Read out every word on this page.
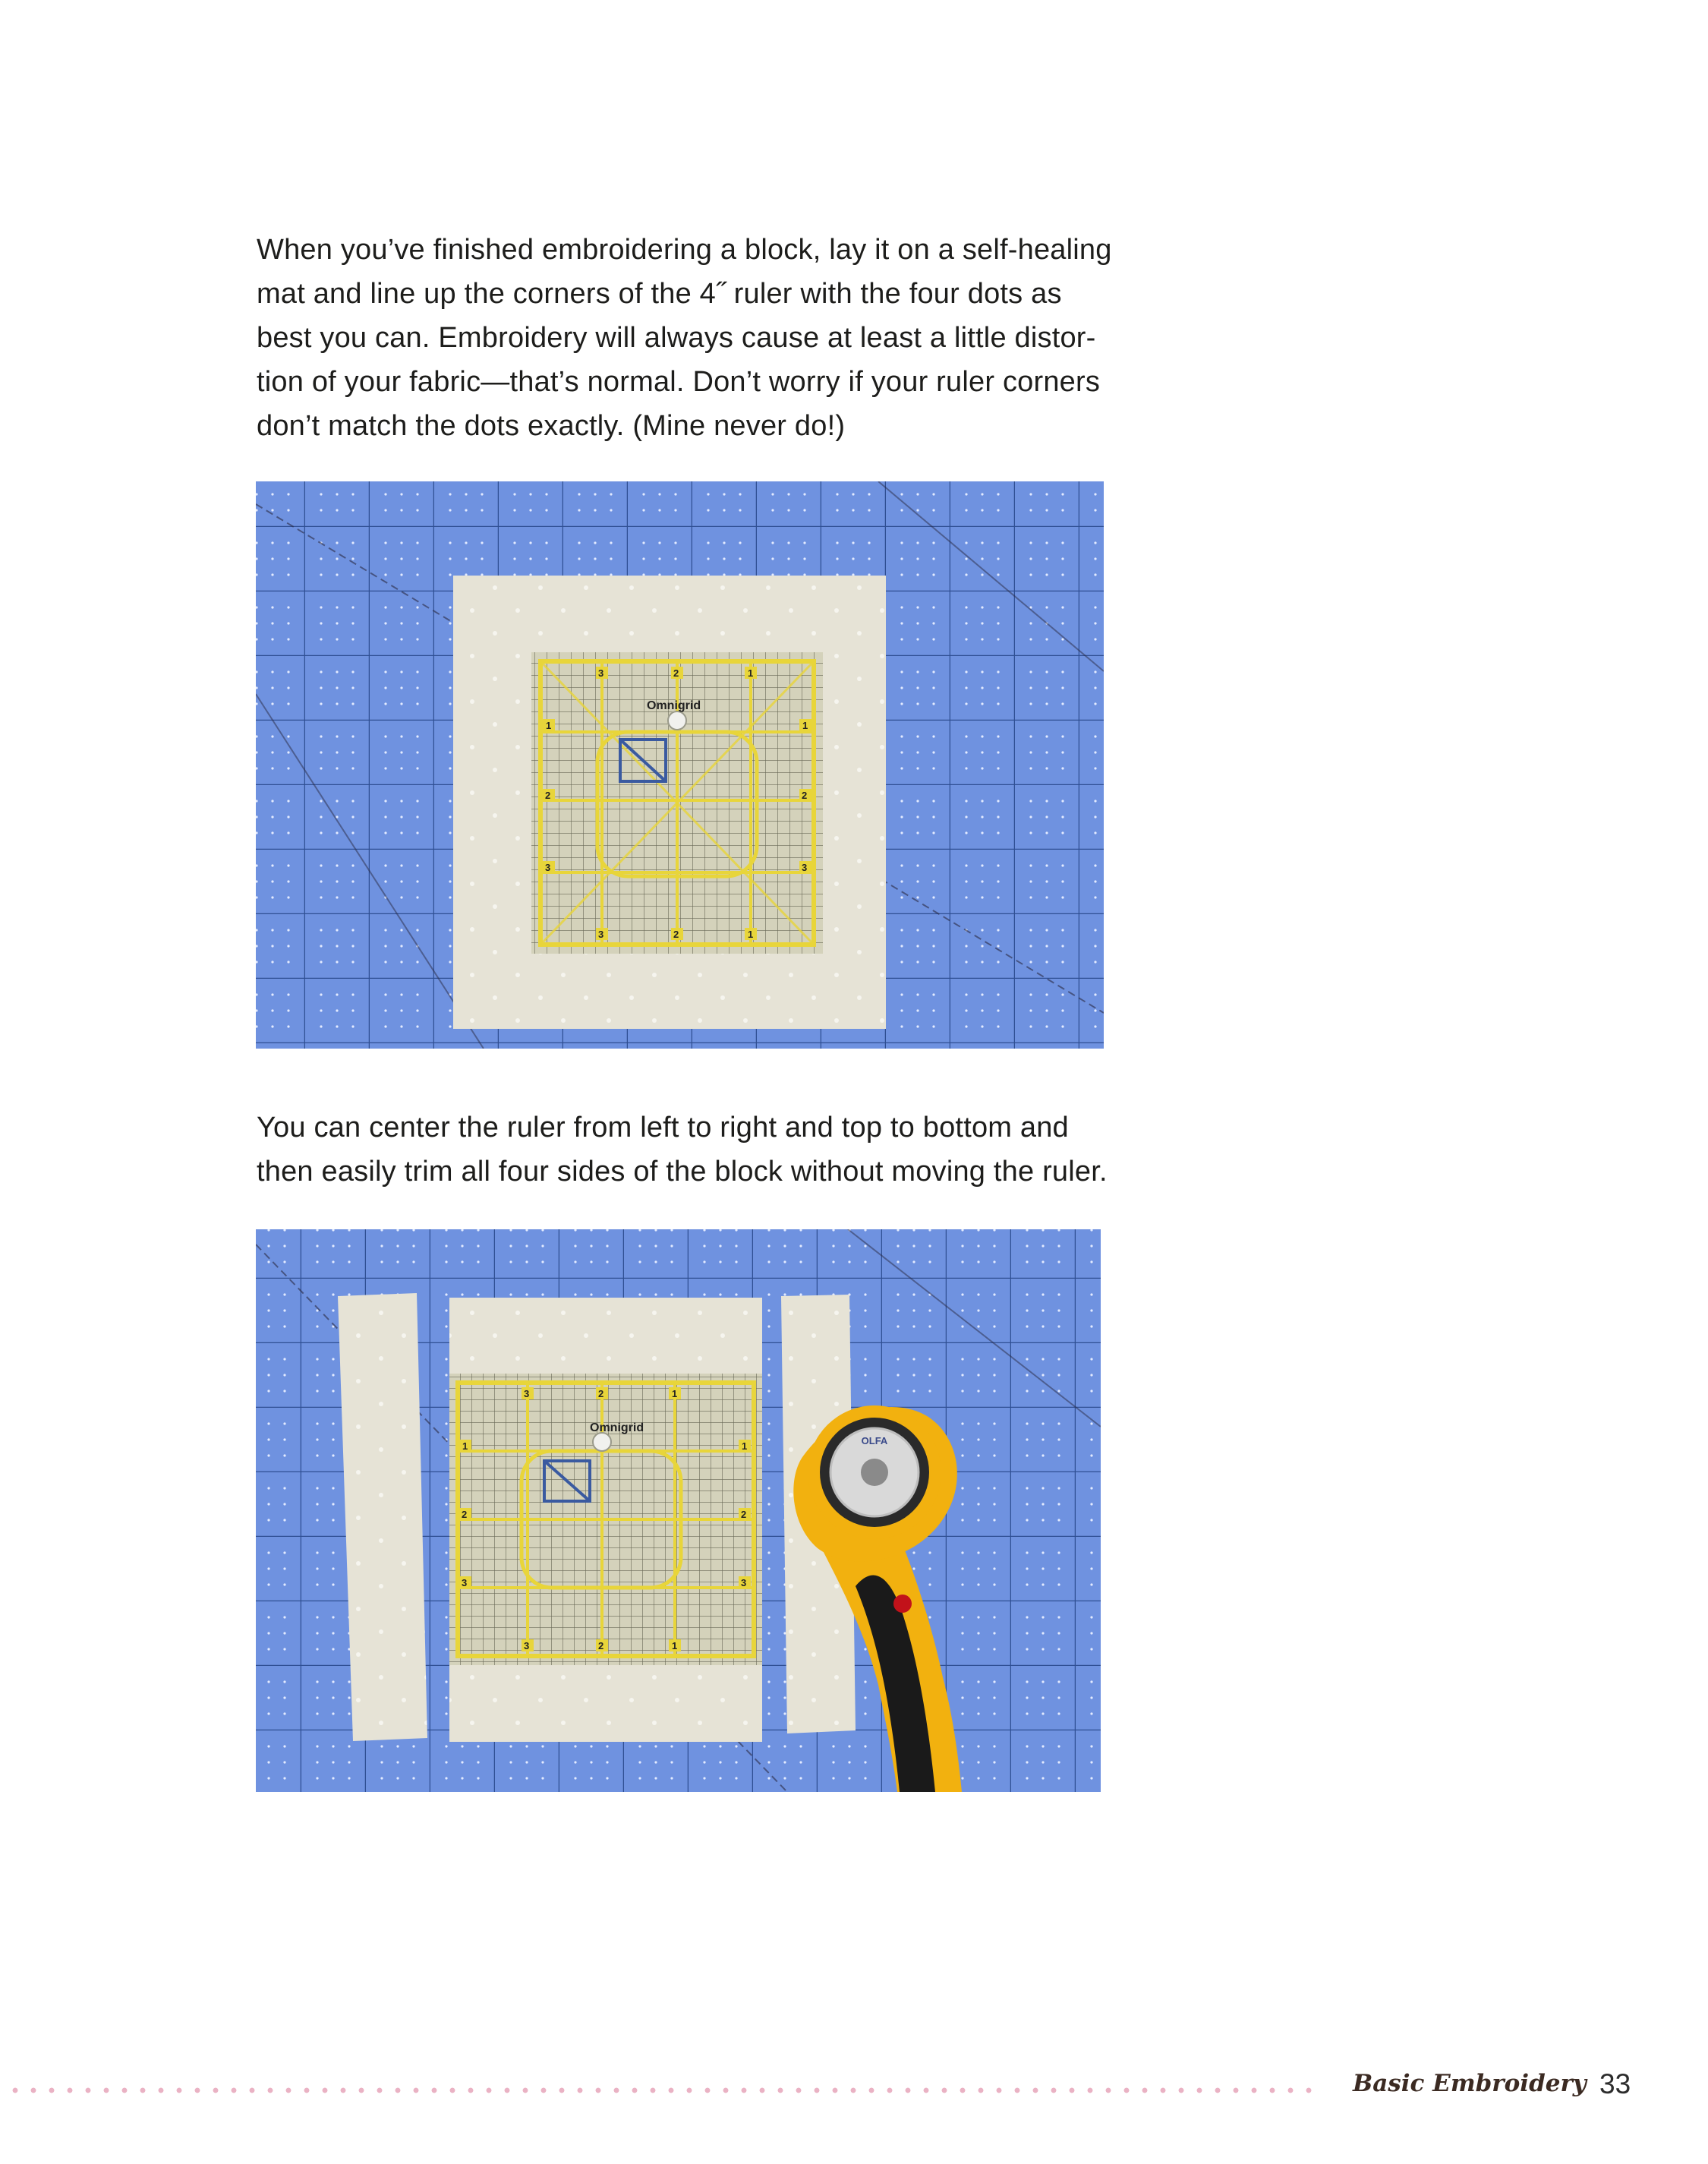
When you’ve finished embroidering a block, lay it on a self-healing
mat and line up the corners of the 4˝ ruler with the four dots as
best you can. Embroidery will always cause at least a little distor-
tion of your fabric—that’s normal. Don’t worry if your ruler corners
don’t match the dots exactly. (Mine never do!)

Omnigrid
3	2	1
1	1
2	2
3	3
3	2	1

You can center the ruler from left to right and top to bottom and
then easily trim all four sides of the block without moving the ruler.

Omnigrid
3	2	1
1	1
2	2
3	3
3	2	1
OLFA
Basic Embroidery 33
